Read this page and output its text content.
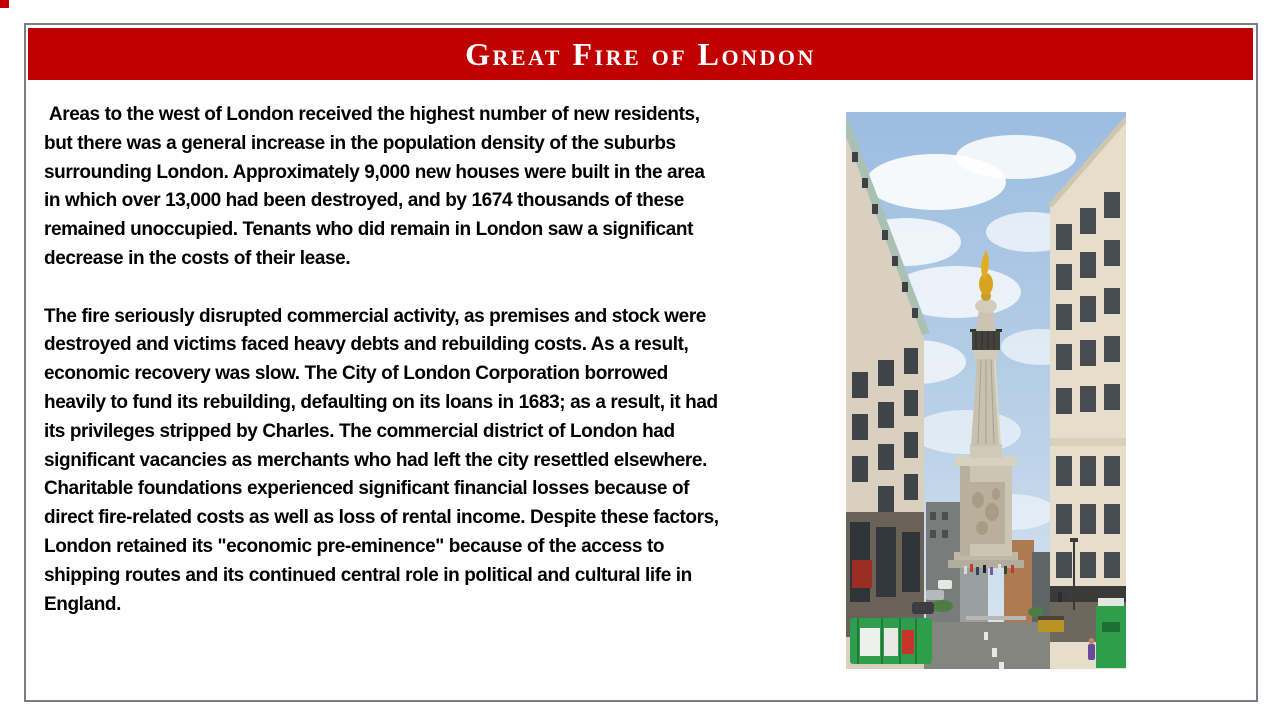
Great Fire of London

Areas to the west of London received the highest number of new residents, but there was a general increase in the population density of the suburbs surrounding London. Approximately 9,000 new houses were built in the area in which over 13,000 had been destroyed, and by 1674 thousands of these remained unoccupied. Tenants who did remain in London saw a significant decrease in the costs of their lease.

The fire seriously disrupted commercial activity, as premises and stock were destroyed and victims faced heavy debts and rebuilding costs. As a result, economic recovery was slow. The City of London Corporation borrowed heavily to fund its rebuilding, defaulting on its loans in 1683; as a result, it had its privileges stripped by Charles. The commercial district of London had significant vacancies as merchants who had left the city resettled elsewhere. Charitable foundations experienced significant financial losses because of direct fire-related costs as well as loss of rental income. Despite these factors, London retained its "economic pre-eminence" because of the access to shipping routes and its continued central role in political and cultural life in England.
